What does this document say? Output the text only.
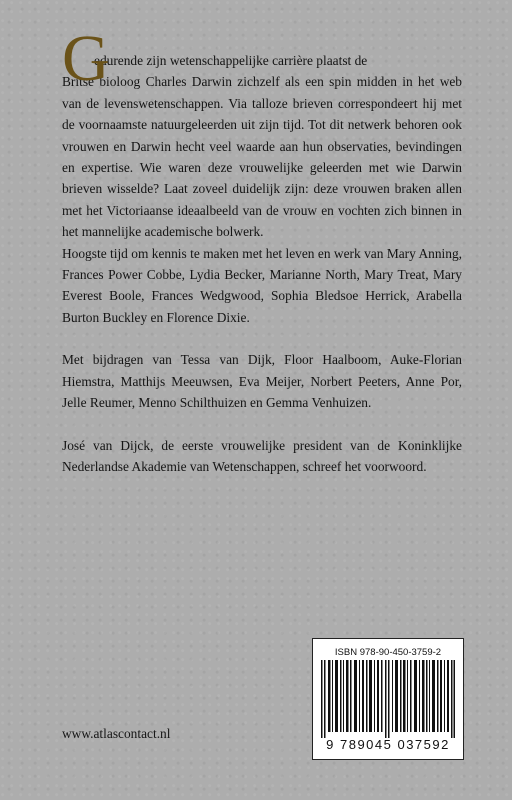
G
edurende zijn wetenschappelijke carrière plaatst de
Britse bioloog Charles Darwin zichzelf als een spin midden in het web van de levenswetenschappen. Via talloze brieven correspondeert hij met de voornaamste natuurgeleerden uit zijn tijd. Tot dit netwerk behoren ook vrouwen en Darwin hecht veel waarde aan hun observaties, bevindingen en expertise. Wie waren deze vrouwelijke geleerden met wie Darwin brieven wisselde? Laat zoveel duidelijk zijn: deze vrouwen braken allen met het Victoriaanse ideaalbeeld van de vrouw en vochten zich binnen in het mannelijke academische bolwerk.

Hoogste tijd om kennis te maken met het leven en werk van Mary Anning, Frances Power Cobbe, Lydia Becker, Marianne North, Mary Treat, Mary Everest Boole, Frances Wedgwood, Sophia Bledsoe Herrick, Arabella Burton Buckley en Florence Dixie.

Met bijdragen van Tessa van Dijk, Floor Haalboom, Auke-Florian Hiemstra, Matthijs Meeuwsen, Eva Meijer, Norbert Peeters, Anne Por, Jelle Reumer, Menno Schilthuizen en Gemma Venhuizen.

José van Dijck, de eerste vrouwelijke president van de Koninklijke Nederlandse Akademie van Wetenschappen, schreef het voorwoord.

ISBN 978-90-450-3759-2
9 789045 037592
www.atlascontact.nl
